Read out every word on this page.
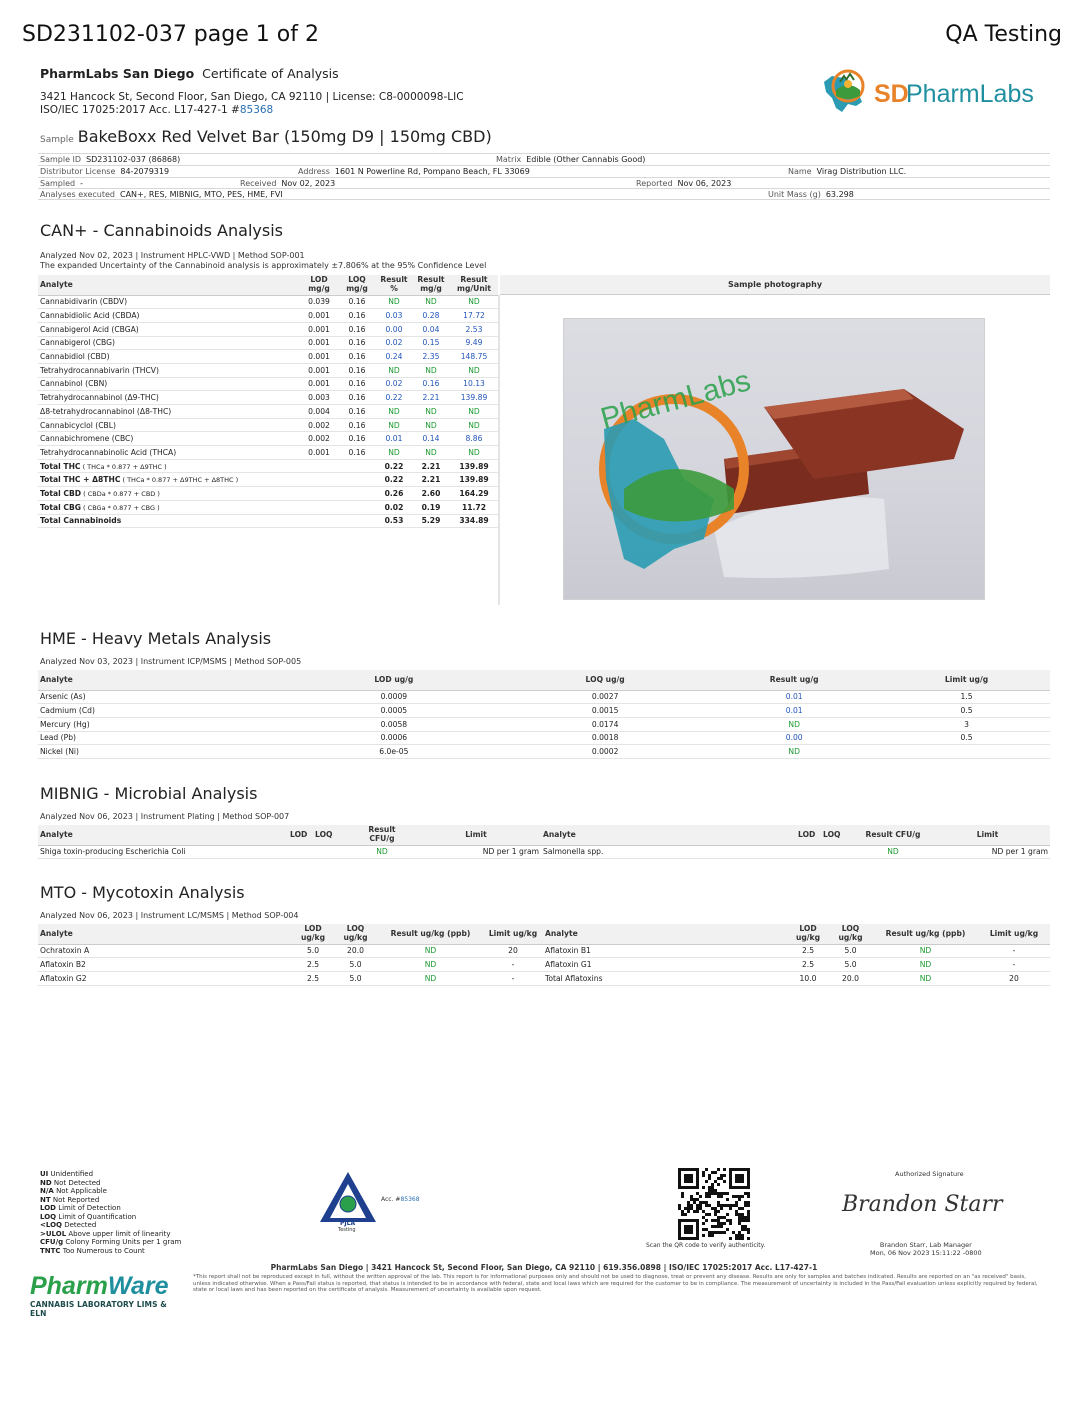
SD231102-037 page 1 of 2	QA Testing
PharmLabs San Diego Certificate of Analysis
3421 Hancock St, Second Floor, San Diego, CA 92110 | License: C8-0000098-LIC
ISO/IEC 17025:2017 Acc. L17-427-1 #85368
SD
PharmLabs
Sample BakeBoxx Red Velvet Bar (150mg D9 | 150mg CBD)
Sample ID SD231102-037 (86868)	Matrix Edible (Other Cannabis Good)
Distributor License 84-2079319	Address 1601 N Powerline Rd, Pompano Beach, FL 33069	Name Virag Distribution LLC.
Sampled -	Received Nov 02, 2023	Reported Nov 06, 2023
Analyses executed CAN+, RES, MIBNIG, MTO, PES, HME, FVI	Unit Mass (g) 63.298
CAN+ - Cannabinoids Analysis
Analyzed Nov 02, 2023 | Instrument HPLC-VWD | Method SOP-001
The expanded Uncertainty of the Cannabinoid analysis is approximately ±7.806% at the 95% Confidence Level
Analyte	LOD mg/g	LOQ mg/g	Result %	Result mg/g	Result mg/Unit
Cannabidivarin (CBDV)	0.039	0.16	ND	ND	ND
Cannabidiolic Acid (CBDA)	0.001	0.16	0.03	0.28	17.72
Cannabigerol Acid (CBGA)	0.001	0.16	0.00	0.04	2.53
Cannabigerol (CBG)	0.001	0.16	0.02	0.15	9.49
Cannabidiol (CBD)	0.001	0.16	0.24	2.35	148.75
Tetrahydrocannabivarin (THCV)	0.001	0.16	ND	ND	ND
Cannabinol (CBN)	0.001	0.16	0.02	0.16	10.13
Tetrahydrocannabinol (Δ9-THC)	0.003	0.16	0.22	2.21	139.89
Δ8-tetrahydrocannabinol (Δ8-THC)	0.004	0.16	ND	ND	ND
Cannabicyclol (CBL)	0.002	0.16	ND	ND	ND
Cannabichromene (CBC)	0.002	0.16	0.01	0.14	8.86
Tetrahydrocannabinolic Acid (THCA)	0.001	0.16	ND	ND	ND
Total THC ( THCa * 0.877 + Δ9THC )			0.22	2.21	139.89
Total THC + Δ8THC ( THCa * 0.877 + Δ9THC + Δ8THC )			0.22	2.21	139.89
Total CBD ( CBDa * 0.877 + CBD )			0.26	2.60	164.29
Total CBG ( CBGa * 0.877 + CBG )			0.02	0.19	11.72
Total Cannabinoids			0.53	5.29	334.89
Sample photography
PharmLabs
HME - Heavy Metals Analysis
Analyzed Nov 03, 2023 | Instrument ICP/MSMS | Method SOP-005
Analyte	LOD ug/g	LOQ ug/g	Result ug/g	Limit ug/g
Arsenic (As)	0.0009	0.0027	0.01	1.5
Cadmium (Cd)	0.0005	0.0015	0.01	0.5
Mercury (Hg)	0.0058	0.0174	ND	3
Lead (Pb)	0.0006	0.0018	0.00	0.5
Nickel (Ni)	6.0e-05	0.0002	ND	
MIBNIG - Microbial Analysis
Analyzed Nov 06, 2023 | Instrument Plating | Method SOP-007
Analyte	LOD	LOQ	Result CFU/g	Limit	Analyte	LOD	LOQ	Result CFU/g	Limit
Shiga toxin-producing Escherichia Coli			ND	ND per 1 gram	Salmonella spp.			ND	ND per 1 gram
MTO - Mycotoxin Analysis
Analyzed Nov 06, 2023 | Instrument LC/MSMS | Method SOP-004
Analyte	LOD ug/kg	LOQ ug/kg	Result ug/kg (ppb)	Limit ug/kg	Analyte	LOD ug/kg	LOQ ug/kg	Result ug/kg (ppb)	Limit ug/kg
Ochratoxin A	5.0	20.0	ND	20	Aflatoxin B1	2.5	5.0	ND	-
Aflatoxin B2	2.5	5.0	ND	-	Aflatoxin G1	2.5	5.0	ND	-
Aflatoxin G2	2.5	5.0	ND	-	Total Aflatoxins	10.0	20.0	ND	20
UI Unidentified
ND Not Detected
N/A Not Applicable
NT Not Reported
LOD Limit of Detection
LOQ Limit of Quantification
<LOQ Detected
>ULOL Above upper limit of linearity
CFU/g Colony Forming Units per 1 gram
TNTC Too Numerous to Count
Acc. #85368
PJLA
Testing
Scan the QR code to verify authenticity.
Authorized Signature
Brandon Starr
Brandon Starr, Lab Manager
Mon, 06 Nov 2023 15:11:22 -0800
PharmLabs San Diego | 3421 Hancock St, Second Floor, San Diego, CA 92110 | 619.356.0898 | ISO/IEC 17025:2017 Acc. L17-427-1
*This report shall not be reproduced except in full, without the written approval of the lab. This report is for informational purposes only and should not be used to diagnose, treat or prevent any disease. Results are only for samples and batches indicated. Results are reported on an "as received" basis, unless indicated otherwise. When a Pass/Fail status is reported, that status is intended to be in accordance with federal, state and local laws which are required for the customer to be in compliance. The measurement of uncertainty is included in the Pass/Fail evaluation unless explicitly required by federal, state or local laws and has been reported on the certificate of analysis. Measurement of uncertainty is available upon request.
PharmWare
CANNABIS LABORATORY LIMS & ELN
